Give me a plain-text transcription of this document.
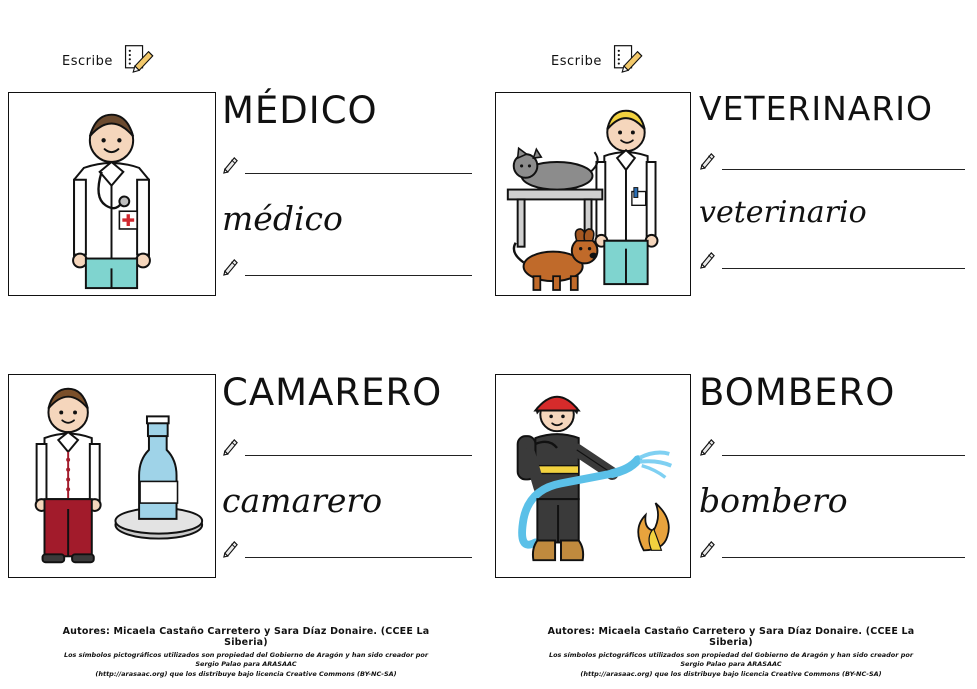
Escribe
MÉDICO
médico
CAMARERO
camarero
Autores: Micaela Castaño Carretero y Sara Díaz Donaire. (CCEE La Siberia)
Los símbolos pictográficos utilizados son propiedad del Gobierno de Aragón y han sido creador por Sergio Palao para ARASAAC
(http://arasaac.org) que los distribuye bajo licencia Creative Commons (BY-NC-SA)
Escribe
VETERINARIO
veterinario
BOMBERO
bombero
Autores: Micaela Castaño Carretero y Sara Díaz Donaire. (CCEE La Siberia)
Los símbolos pictográficos utilizados son propiedad del Gobierno de Aragón y han sido creador por Sergio Palao para ARASAAC
(http://arasaac.org) que los distribuye bajo licencia Creative Commons (BY-NC-SA)
